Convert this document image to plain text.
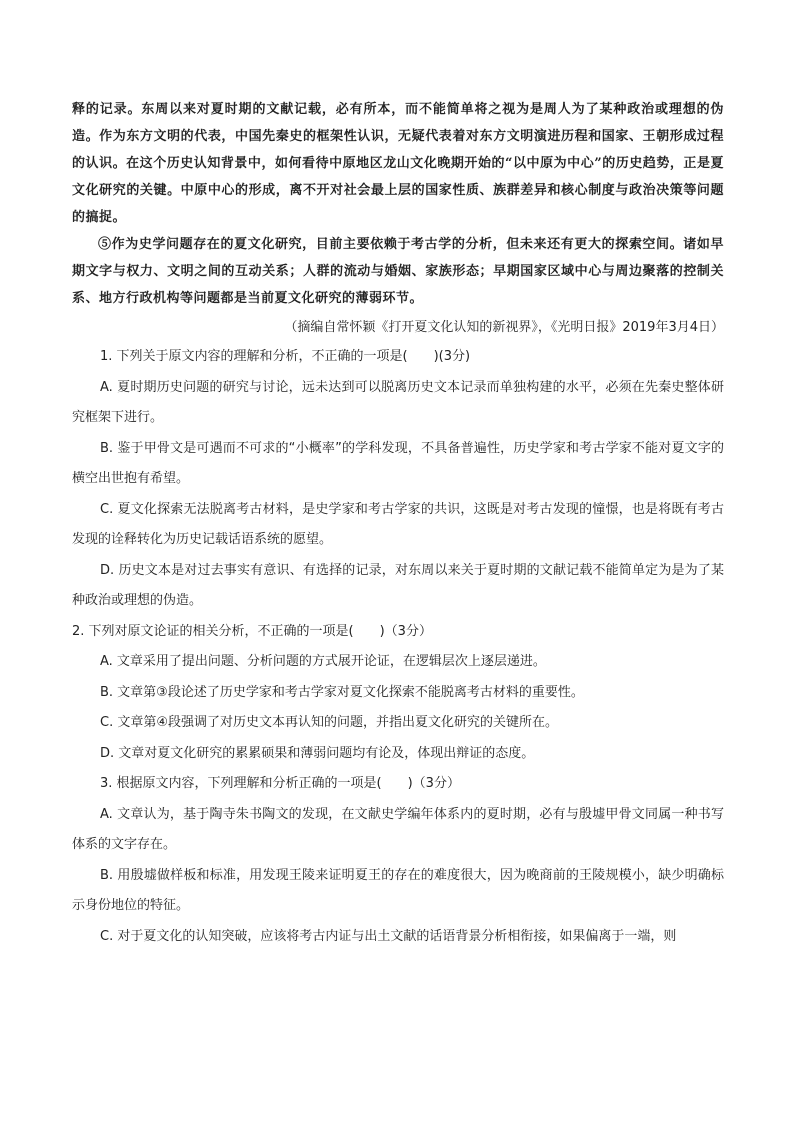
释的记录。东周以来对夏时期的文献记载，必有所本，而不能简单将之视为是周人为了某种政治或理想的伪造。作为东方文明的代表，中国先秦史的框架性认识，无疑代表着对东方文明演进历程和国家、王朝形成过程的认识。在这个历史认知背景中，如何看待中原地区龙山文化晚期开始的“以中原为中心”的历史趋势，正是夏文化研究的关键。中原中心的形成，离不开对社会最上层的国家性质、族群差异和核心制度与政治决策等问题的搞捉。

⑤作为史学问题存在的夏文化研究，目前主要依赖于考古学的分析，但未来还有更大的探索空间。诸如早期文字与权力、文明之间的互动关系；人群的流动与婚姻、家族形态；早期国家区域中心与周边聚落的控制关系、地方行政机构等问题都是当前夏文化研究的薄弱环节。

（摘编自常怀颖《打开夏文化认知的新视界》，《光明日报》2019年3月4日）

1. 下列关于原文内容的理解和分析，不正确的一项是(　　)(3分)

A. 夏时期历史问题的研究与讨论，远未达到可以脱离历史文本记录而单独构建的水平，必须在先秦史整体研究框架下进行。

B. 鉴于甲骨文是可遇而不可求的“小概率”的学科发现，不具备普遍性，历史学家和考古学家不能对夏文字的横空出世抱有希望。

C. 夏文化探索无法脱离考古材料，是史学家和考古学家的共识，这既是对考古发现的憧憬，也是将既有考古发现的诠释转化为历史记载话语系统的愿望。

D. 历史文本是对过去事实有意识、有选择的记录，对东周以来关于夏时期的文献记载不能简单定为是为了某种政治或理想的伪造。

2. 下列对原文论证的相关分析，不正确的一项是(　　)（3分）

A. 文章采用了提出问题、分析问题的方式展开论证，在逻辑层次上逐层递进。

B. 文章第③段论述了历史学家和考古学家对夏文化探索不能脱离考古材料的重要性。

C. 文章第④段强调了对历史文本再认知的问题，并指出夏文化研究的关键所在。

D. 文章对夏文化研究的累累硕果和薄弱问题均有论及，体现出辩证的态度。

3. 根据原文内容，下列理解和分析正确的一项是(　　)（3分）

A. 文章认为，基于陶寺朱书陶文的发现，在文献史学编年体系内的夏时期，必有与殷墟甲骨文同属一种书写体系的文字存在。

B. 用殷墟做样板和标准，用发现王陵来证明夏王的存在的难度很大，因为晚商前的王陵规模小，缺少明确标示身份地位的特征。

C. 对于夏文化的认知突破，应该将考古内证与出土文献的话语背景分析相衔接，如果偏离于一端，则
